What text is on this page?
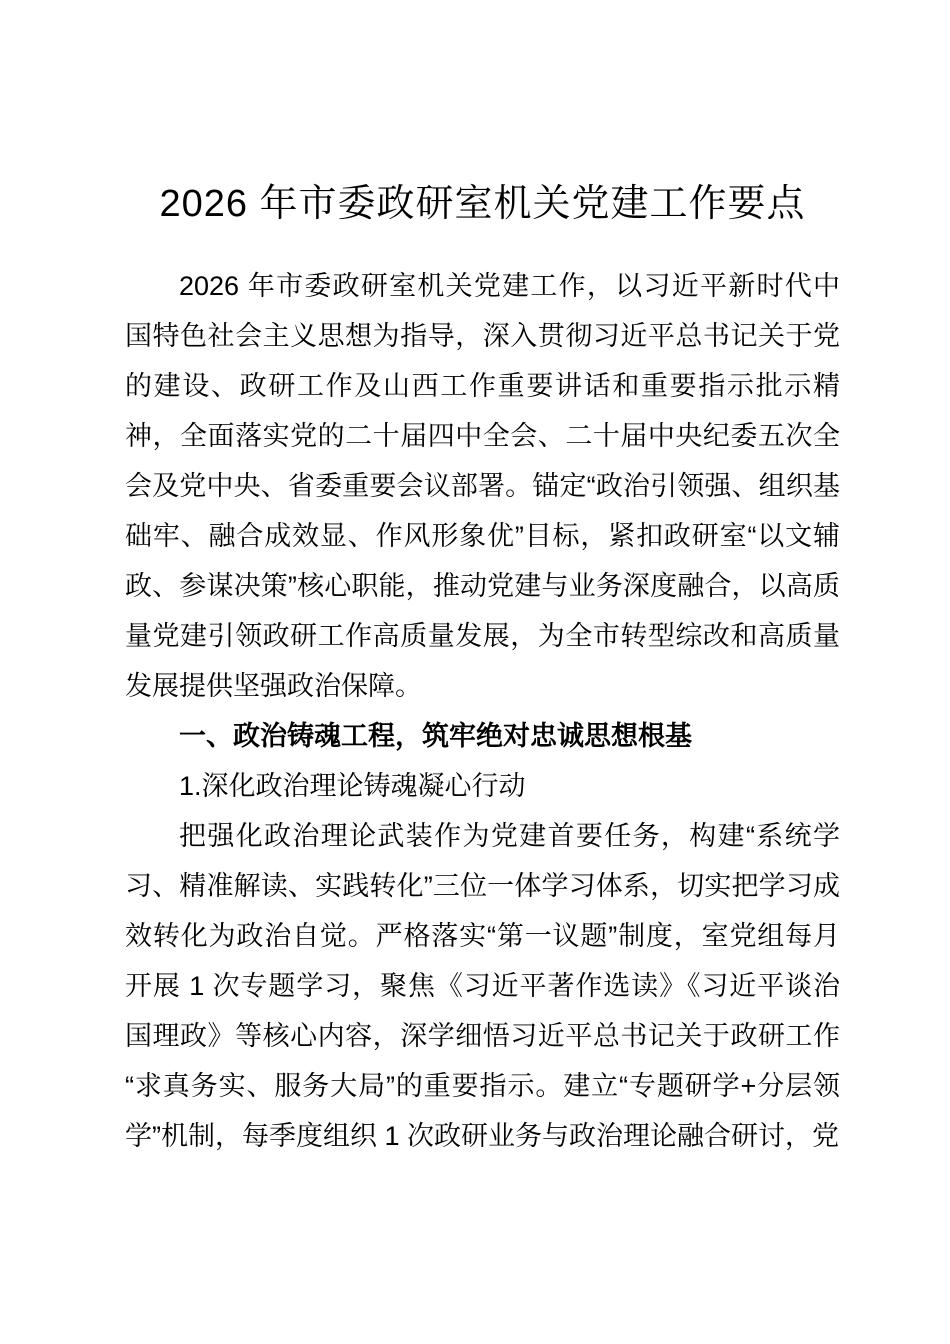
2026 年市委政研室机关党建工作要点

2026 年市委政研室机关党建工作，以习近平新时代中国特色社会主义思想为指导，深入贯彻习近平总书记关于党的建设、政研工作及山西工作重要讲话和重要指示批示精神，全面落实党的二十届四中全会、二十届中央纪委五次全会及党中央、省委重要会议部署。锚定“政治引领强、组织基础牢、融合成效显、作风形象优”目标，紧扣政研室“以文辅政、参谋决策”核心职能，推动党建与业务深度融合，以高质量党建引领政研工作高质量发展，为全市转型综改和高质量发展提供坚强政治保障。

一、政治铸魂工程，筑牢绝对忠诚思想根基

1.深化政治理论铸魂凝心行动

把强化政治理论武装作为党建首要任务，构建“系统学习、精准解读、实践转化”三位一体学习体系，切实把学习成效转化为政治自觉。严格落实“第一议题”制度，室党组每月开展 1 次专题学习，聚焦《习近平著作选读》《习近平谈治国理政》等核心内容，深学细悟习近平总书记关于政研工作“求真务实、服务大局”的重要指示。建立“专题研学+分层领学”机制，每季度组织 1 次政研业务与政治理论融合研讨，党
